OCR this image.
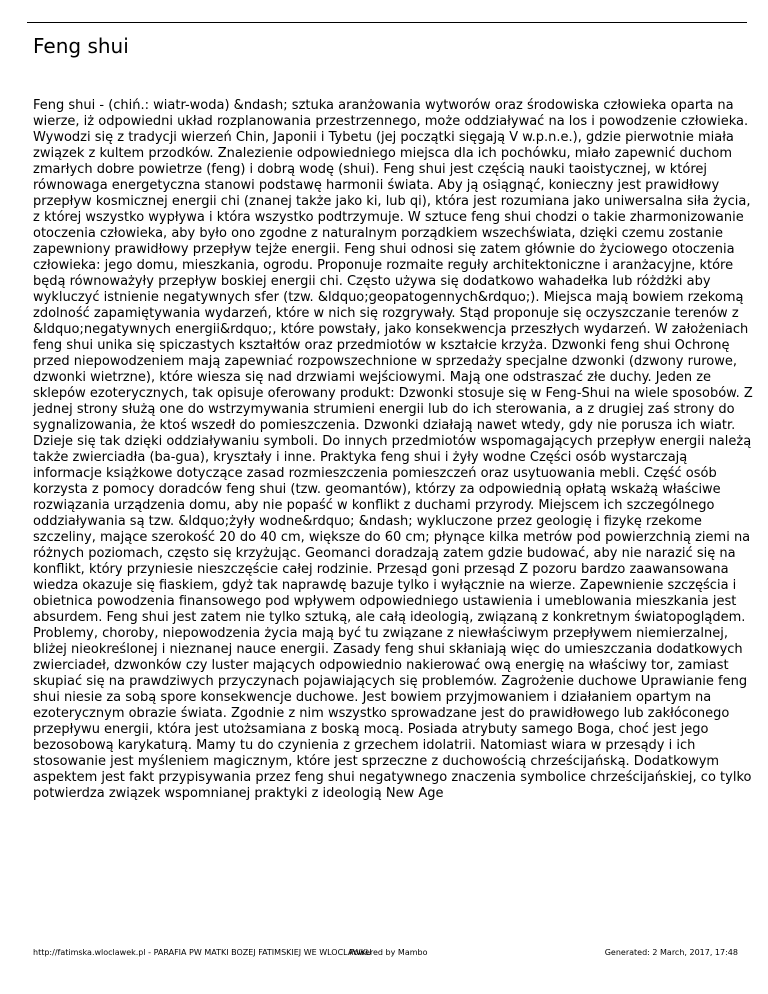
Feng shui
Feng shui - (chiń.: wiatr-woda) &ndash; sztuka aranżowania wytworów oraz środowiska człowieka oparta na wierze, iż odpowiedni układ rozplanowania przestrzennego, może oddziaływać na los i powodzenie człowieka.
Wywodzi się z tradycji wierzeń Chin, Japonii i Tybetu (jej początki sięgają V w.p.n.e.), gdzie pierwotnie miała związek z kultem przodków. Znalezienie odpowiedniego miejsca dla ich pochówku, miało zapewnić duchom zmarłych dobre powietrze (feng) i dobrą wodę (shui). Feng shui jest częścią nauki taoistycznej, w której równowaga energetyczna stanowi podstawę harmonii świata. Aby ją osiągnąć, konieczny jest prawidłowy przepływ kosmicznej energii chi (znanej także jako ki, lub qi), która jest rozumiana jako uniwersalna siła życia, z której wszystko wypływa i która wszystko podtrzymuje. W sztuce feng shui chodzi o takie zharmonizowanie otoczenia człowieka, aby było ono zgodne z naturalnym porządkiem wszechświata, dzięki czemu zostanie zapewniony prawidłowy przepływ tejże energii. Feng shui odnosi się zatem głównie do życiowego otoczenia człowieka: jego domu, mieszkania, ogrodu. Proponuje rozmaite reguły architektoniczne i aranżacyjne, które będą równoważyły przepływ boskiej energii chi. Często używa się dodatkowo wahadełka lub różdżki aby wykluczyć istnienie negatywnych sfer (tzw. &ldquo;geopatogennych&rdquo;). Miejsca mają bowiem rzekomą zdolność zapamiętywania wydarzeń, które w nich się rozgrywały. Stąd proponuje się oczyszczanie terenów z &ldquo;negatywnych energii&rdquo;, które powstały, jako konsekwencja przeszłych wydarzeń. W założeniach feng shui unika się spiczastych kształtów oraz przedmiotów w kształcie krzyża. Dzwonki feng shui Ochronę przed niepowodzeniem mają zapewniać rozpowszechnione w sprzedaży specjalne dzwonki (dzwony rurowe, dzwonki wietrzne), które wiesza się nad drzwiami wejściowymi. Mają one odstraszać złe duchy. Jeden ze sklepów ezoterycznych, tak opisuje oferowany produkt: Dzwonki stosuje się w Feng-Shui na wiele sposobów. Z jednej strony służą one do wstrzymywania strumieni energii lub do ich sterowania, a z drugiej zaś strony do sygnalizowania, że ktoś wszedł do pomieszczenia. Dzwonki działają nawet wtedy, gdy nie porusza ich wiatr. Dzieje się tak dzięki oddziaływaniu symboli. Do innych przedmiotów wspomagających przepływ energii należą także zwierciadła (ba-gua), kryształy i inne. Praktyka feng shui i żyły wodne Części osób wystarczają informacje książkowe dotyczące zasad rozmieszczenia pomieszczeń oraz usytuowania mebli. Część osób korzysta z pomocy doradców feng shui (tzw. geomantów), którzy za odpowiednią opłatą wskażą właściwe rozwiązania urządzenia domu, aby nie popaść w konflikt z duchami przyrody. Miejscem ich szczególnego oddziaływania są tzw. &ldquo;żyły wodne&rdquo; &ndash; wykluczone przez geologię i fizykę rzekome szczeliny, mające szerokość 20 do 40 cm, większe do 60 cm; płynące kilka metrów pod powierzchnią ziemi na różnych poziomach, często się krzyżując. Geomanci doradzają zatem gdzie budować, aby nie narazić się na konflikt, który przyniesie nieszczęście całej rodzinie. Przesąd goni przesąd Z pozoru bardzo zaawansowana wiedza okazuje się fiaskiem, gdyż tak naprawdę bazuje tylko i wyłącznie na wierze. Zapewnienie szczęścia i obietnica powodzenia finansowego pod wpływem odpowiedniego ustawienia i umeblowania mieszkania jest absurdem. Feng shui jest zatem nie tylko sztuką, ale całą ideologią, związaną z konkretnym światopoglądem. Problemy, choroby, niepowodzenia życia mają być tu związane z niewłaściwym przepływem niemierzalnej, bliżej nieokreślonej i nieznanej nauce energii. Zasady feng shui skłaniają więc do umieszczania dodatkowych zwierciadeł, dzwonków czy luster mających odpowiednio nakierować ową energię na właściwy tor, zamiast skupiać się na prawdziwych przyczynach pojawiających się problemów. Zagrożenie duchowe Uprawianie feng shui niesie za sobą spore konsekwencje duchowe. Jest bowiem przyjmowaniem i działaniem opartym na ezoterycznym obrazie świata. Zgodnie z nim wszystko sprowadzane jest do prawidłowego lub zakłóconego przepływu energii, która jest utożsamiana z boską mocą. Posiada atrybuty samego Boga, choć jest jego bezosobową karykaturą. Mamy tu do czynienia z grzechem idolatrii. Natomiast wiara w przesądy i ich stosowanie jest myśleniem magicznym, które jest sprzeczne z duchowością chrześcijańską. Dodatkowym aspektem jest fakt przypisywania przez feng shui negatywnego znaczenia symbolice chrześcijańskiej, co tylko potwierdza związek wspomnianej praktyki z ideologią New Age
http://fatimska.wloclawek.pl - PARAFIA PW MATKI BOZEJ FATIMSKIEJ WE WLOCLAWKU
Powered by Mambo	Generated: 2 March, 2017, 17:48
